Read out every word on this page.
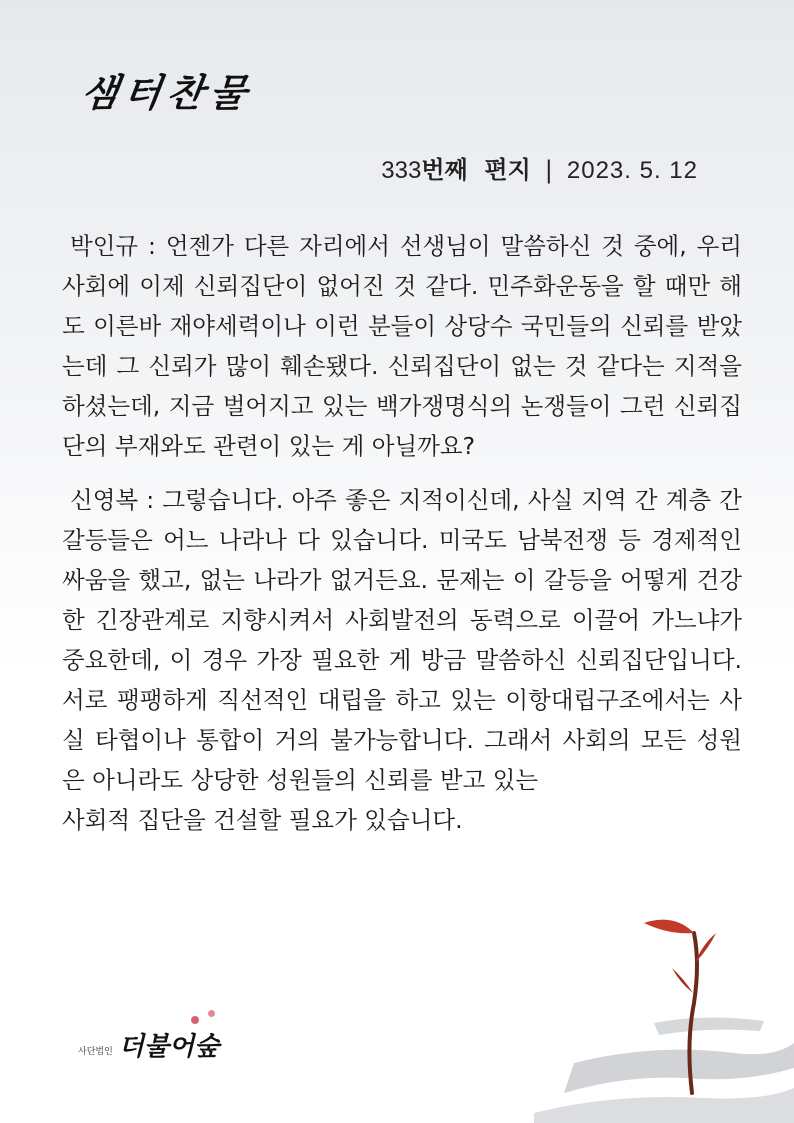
샘터찬물
333번째  편지 | 2023. 5. 12

박인규 : 언젠가 다른 자리에서 선생님이 말씀하신 것 중에, 우리 사회에 이제 신뢰집단이 없어진 것 같다. 민주화운동을 할 때만 해도 이른바 재야세력이나 이런 분들이 상당수 국민들의 신뢰를 받았는데 그 신뢰가 많이 훼손됐다. 신뢰집단이 없는 것 같다는 지적을 하셨는데, 지금 벌어지고 있는 백가쟁명식의 논쟁들이 그런 신뢰집단의 부재와도 관련이 있는 게 아닐까요?

신영복 : 그렇습니다. 아주 좋은 지적이신데, 사실 지역 간 계층 간 갈등들은 어느 나라나 다 있습니다. 미국도 남북전쟁 등 경제적인 싸움을 했고, 없는 나라가 없거든요. 문제는 이 갈등을 어떻게 건강한 긴장관계로 지향시켜서 사회발전의 동력으로 이끌어 가느냐가 중요한데, 이 경우 가장 필요한 게 방금 말씀하신 신뢰집단입니다. 서로 팽팽하게 직선적인 대립을 하고 있는 이항대립구조에서는 사실 타협이나 통합이 거의 불가능합니다. 그래서 사회의 모든 성원은 아니라도 상당한 성원들의 신뢰를 받고 있는

사회적 집단을 건설할 필요가 있습니다.

사단법인 더불어숲
